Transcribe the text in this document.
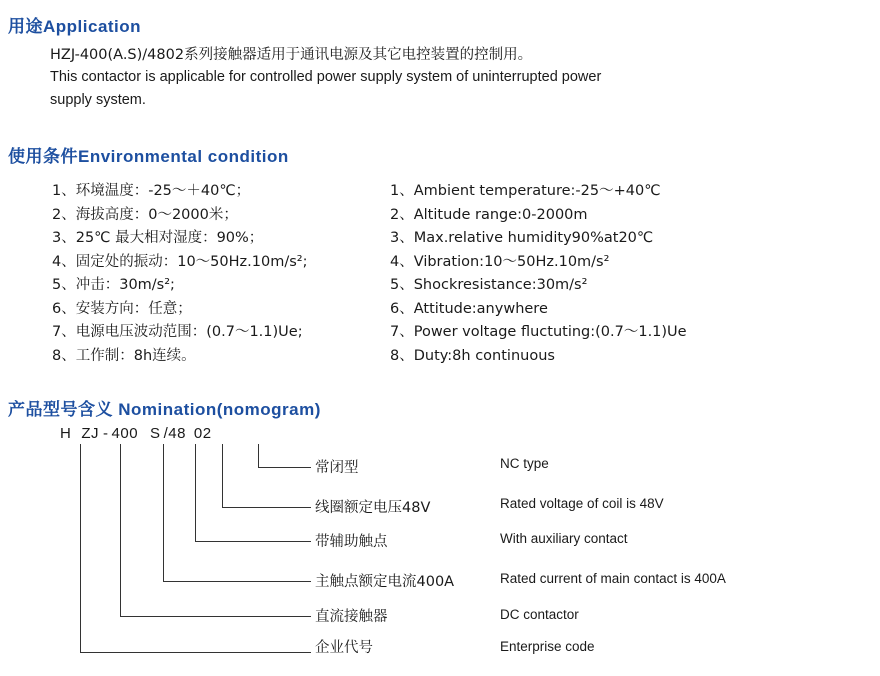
用途Application
HZJ-400(A.S)/4802系列接触器适用于通讯电源及其它电控装置的控制用。
This contactor is applicable for controlled power supply system of uninterrupted power
supply system.
使用条件Environmental condition
1、环境温度：-25～＋40℃；
2、海拔高度：0～2000米；
3、25℃ 最大相对湿度：90%；
4、固定处的振动：10～50Hz.10m/s²;
5、冲击：30m/s²;
6、安装方向：任意；
7、电源电压波动范围：(0.7～1.1)Ue;
8、工作制：8h连续。
1、Ambient temperature:-25～+40℃
2、Altitude range:0-2000m
3、Max.relative humidity90%at20℃
4、Vibration:10～50Hz.10m/s²
5、Shockresistance:30m/s²
6、Attitude:anywhere
7、Power voltage fluctuting:(0.7～1.1)Ue
8、Duty:8h continuous
产品型号含义 Nomination(nomogram)
H ZJ - 400 S /48 02
常闭型	NC type
线圈额定电压48V	Rated voltage of coil is 48V
带辅助触点	With auxiliary contact
主触点额定电流400A	Rated current of main contact is 400A
直流接触器	DC contactor
企业代号	Enterprise code
